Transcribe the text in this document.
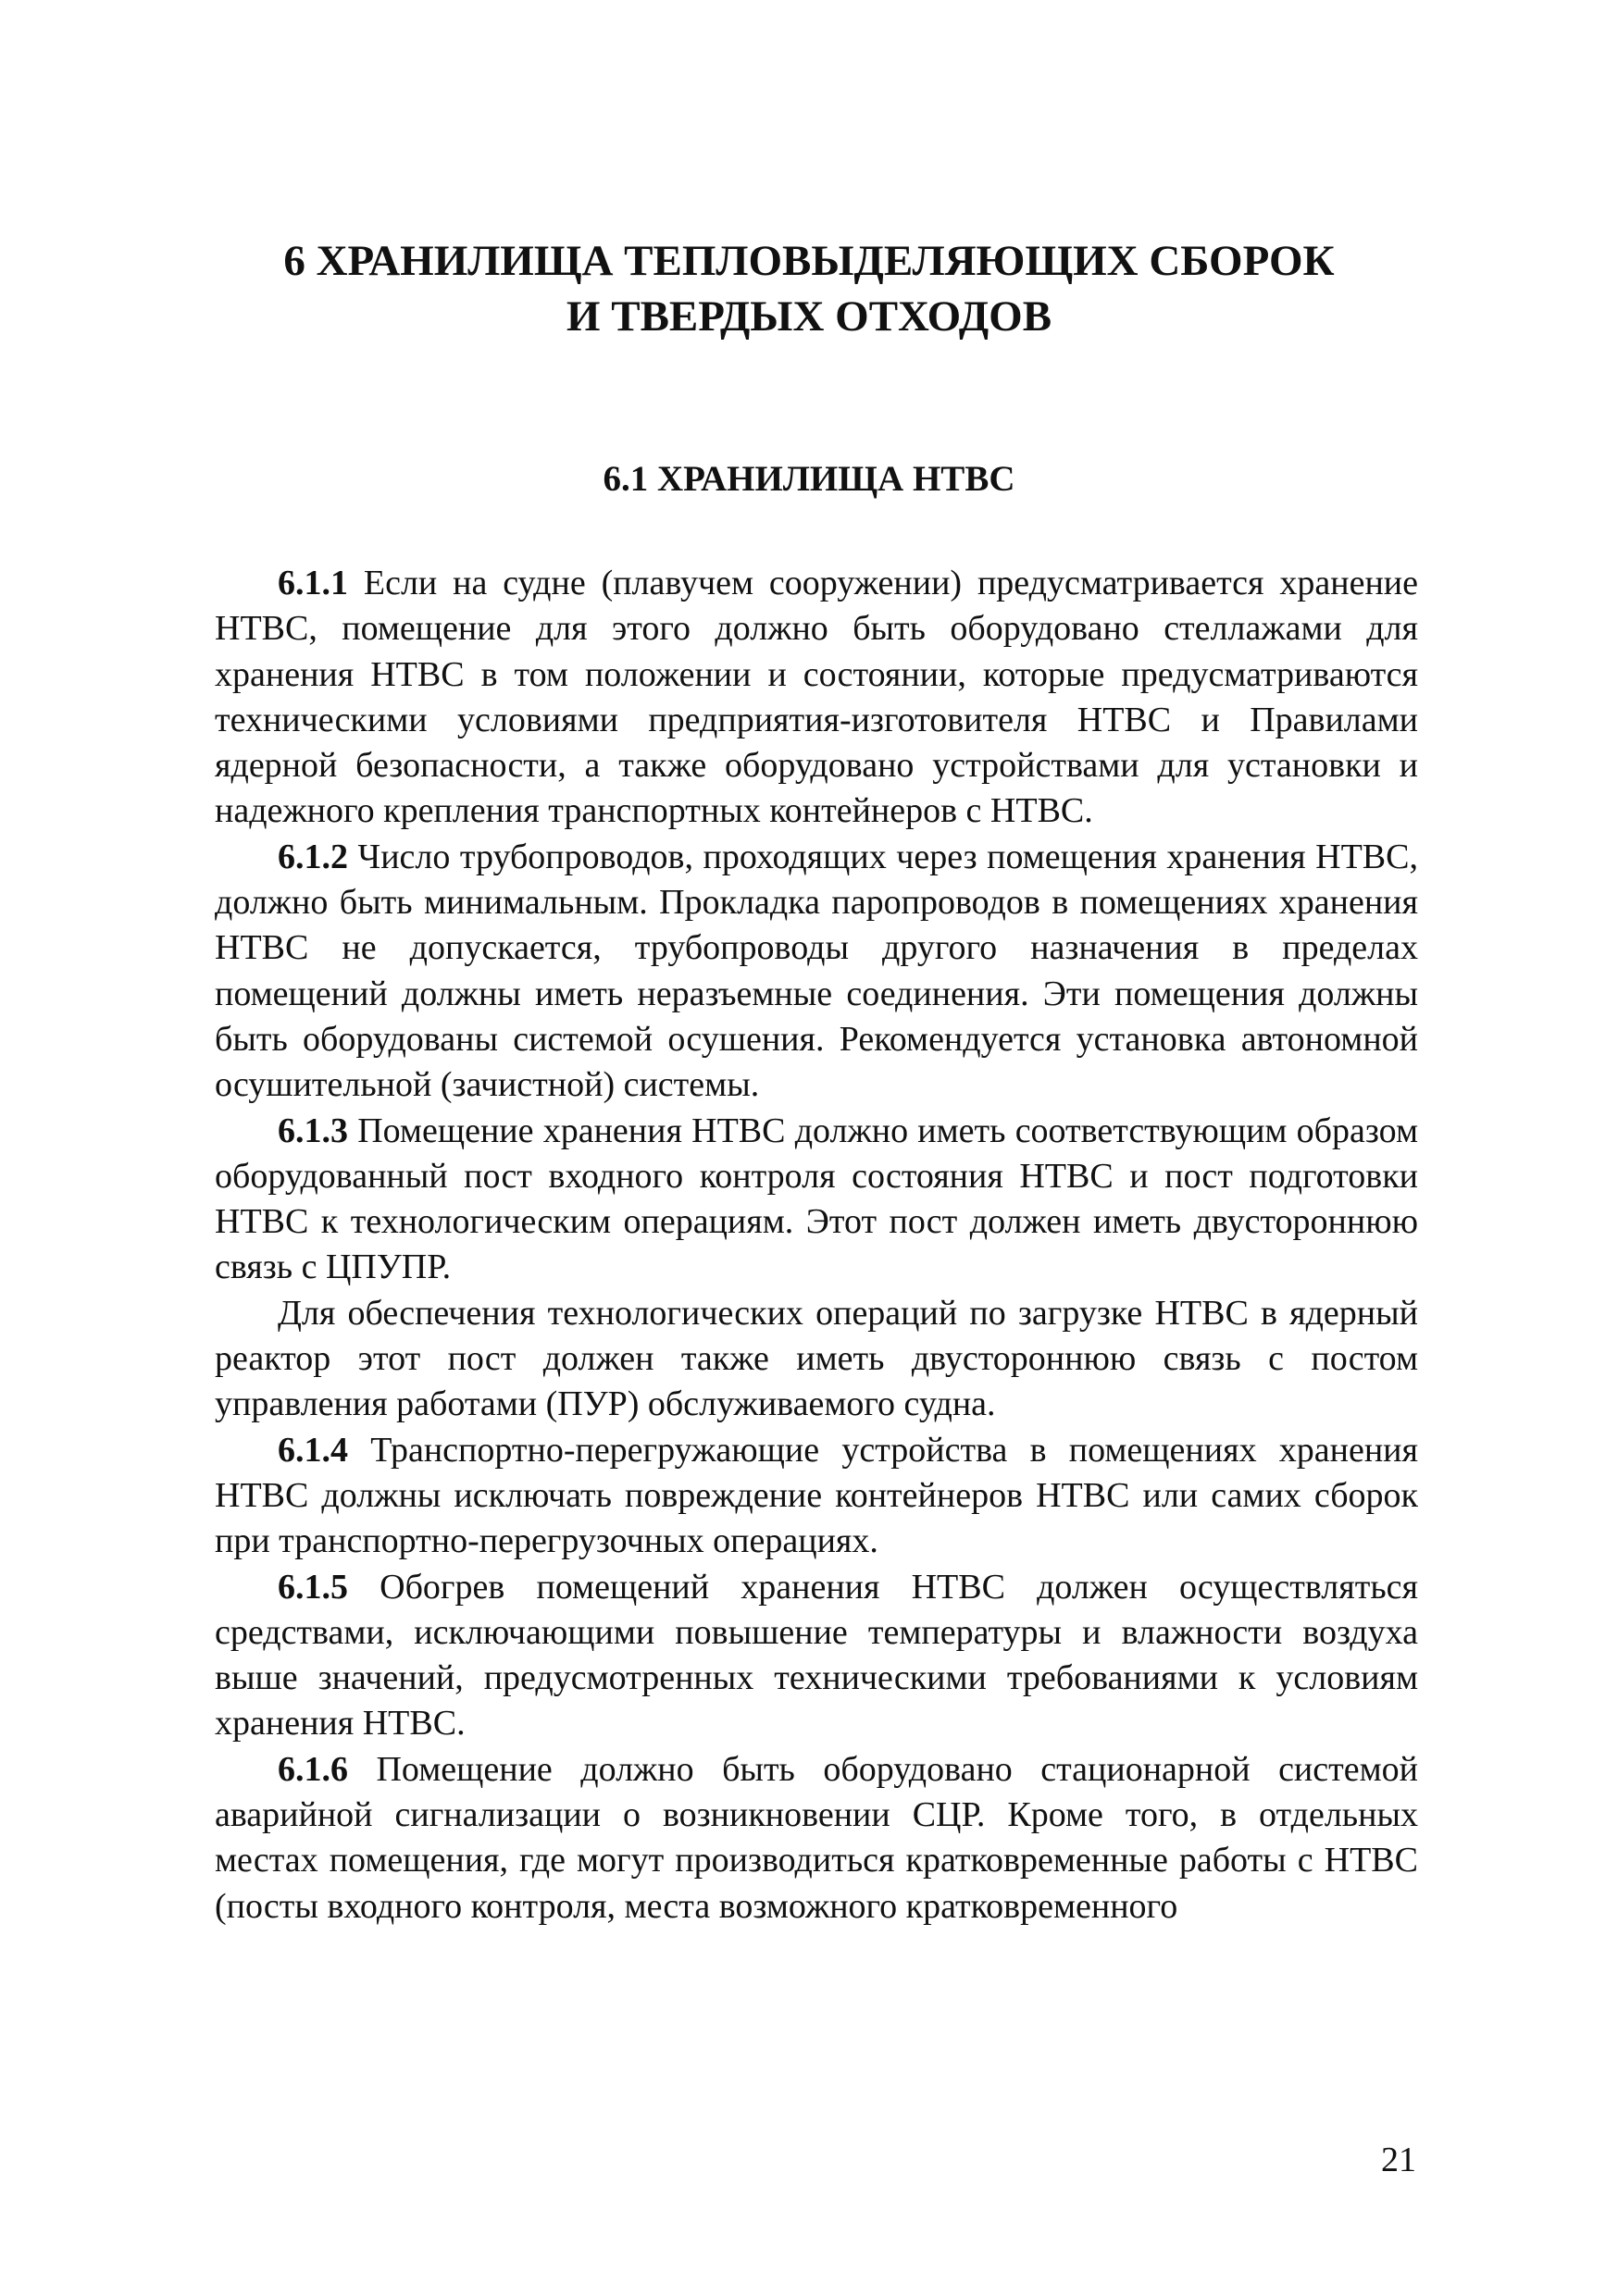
6 ХРАНИЛИЩА ТЕПЛОВЫДЕЛЯЮЩИХ СБОРОК
И ТВЕРДЫХ ОТХОДОВ
6.1 ХРАНИЛИЩА НТВС

6.1.1 Если на судне (плавучем сооружении) предусматривается хранение НТВС, помещение для этого должно быть оборудовано стеллажами для хранения НТВС в том положении и состоянии, которые предусматриваются техническими условиями предприятия-изготовителя НТВС и Правилами ядерной безопасности, а также оборудовано устройствами для установки и надежного крепления транспортных контейнеров с НТВС.

6.1.2 Число трубопроводов, проходящих через помещения хранения НТВС, должно быть минимальным. Прокладка паропроводов в помещениях хранения НТВС не допускается, трубопроводы другого назначения в пределах помещений должны иметь неразъемные соединения. Эти помещения должны быть оборудованы системой осушения. Рекомендуется установка автономной осушительной (зачистной) системы.

6.1.3 Помещение хранения НТВС должно иметь соответствующим образом оборудованный пост входного контроля состояния НТВС и пост подготовки НТВС к технологическим операциям. Этот пост должен иметь двустороннюю связь с ЦПУПР.

Для обеспечения технологических операций по загрузке НТВС в ядерный реактор этот пост должен также иметь двустороннюю связь с постом управления работами (ПУР) обслуживаемого судна.

6.1.4 Транспортно-перегружающие устройства в помещениях хранения НТВС должны исключать повреждение контейнеров НТВС или самих сборок при транспортно-перегрузочных операциях.

6.1.5 Обогрев помещений хранения НТВС должен осуществляться средствами, исключающими повышение температуры и влажности воздуха выше значений, предусмотренных техническими требованиями к условиям хранения НТВС.

6.1.6 Помещение должно быть оборудовано стационарной системой аварийной сигнализации о возникновении СЦР. Кроме того, в отдельных местах помещения, где могут производиться кратковременные работы с НТВС (посты входного контроля, места возможного кратковременного

21
